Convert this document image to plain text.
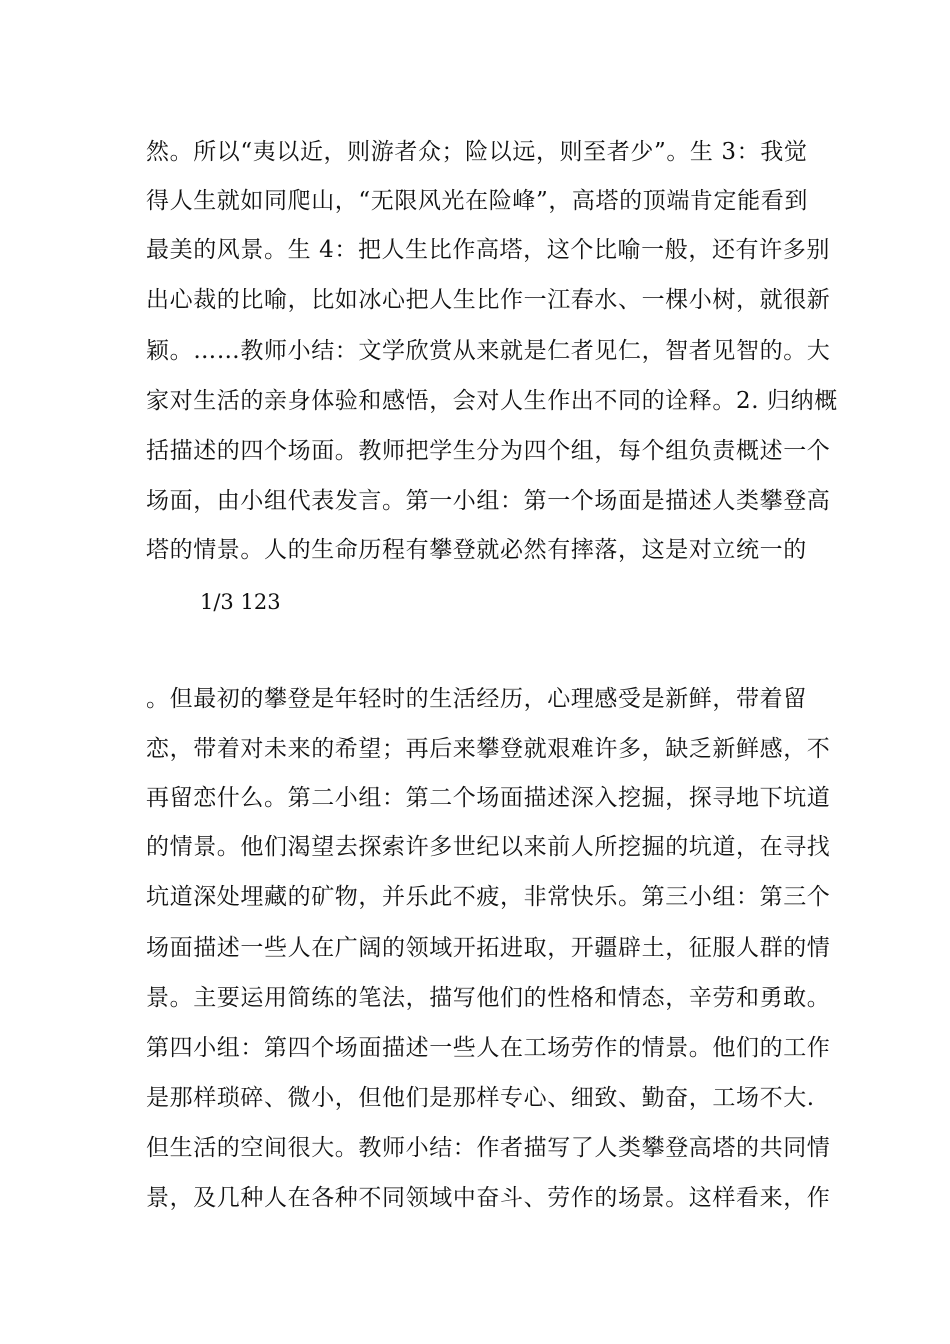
然。所以“夷以近，则游者众；险以远，则至者少”。生 3：我觉
得人生就如同爬山，“无限风光在险峰”，高塔的顶端肯定能看到
最美的风景。生 4：把人生比作高塔，这个比喻一般，还有许多别
出心裁的比喻，比如冰心把人生比作一江春水、一棵小树，就很新
颖。……教师小结：文学欣赏从来就是仁者见仁，智者见智的。大
家对生活的亲身体验和感悟，会对人生作出不同的诠释。2. 归纳概
括描述的四个场面。教师把学生分为四个组，每个组负责概述一个
场面，由小组代表发言。第一小组：第一个场面是描述人类攀登高
塔的情景。人的生命历程有攀登就必然有摔落，这是对立统一的
1/3 123
。但最初的攀登是年轻时的生活经历，心理感受是新鲜，带着留
恋，带着对未来的希望；再后来攀登就艰难许多，缺乏新鲜感，不
再留恋什么。第二小组：第二个场面描述深入挖掘，探寻地下坑道
的情景。他们渴望去探索许多世纪以来前人所挖掘的坑道，在寻找
坑道深处埋藏的矿物，并乐此不疲，非常快乐。第三小组：第三个
场面描述一些人在广阔的领域开拓进取，开疆辟土，征服人群的情
景。主要运用简练的笔法，描写他们的性格和情态，辛劳和勇敢。
第四小组：第四个场面描述一些人在工场劳作的情景。他们的工作
是那样琐碎、微小，但他们是那样专心、细致、勤奋，工场不大.
但生活的空间很大。教师小结：作者描写了人类攀登高塔的共同情
景，及几种人在各种不同领域中奋斗、劳作的场景。这样看来，作
